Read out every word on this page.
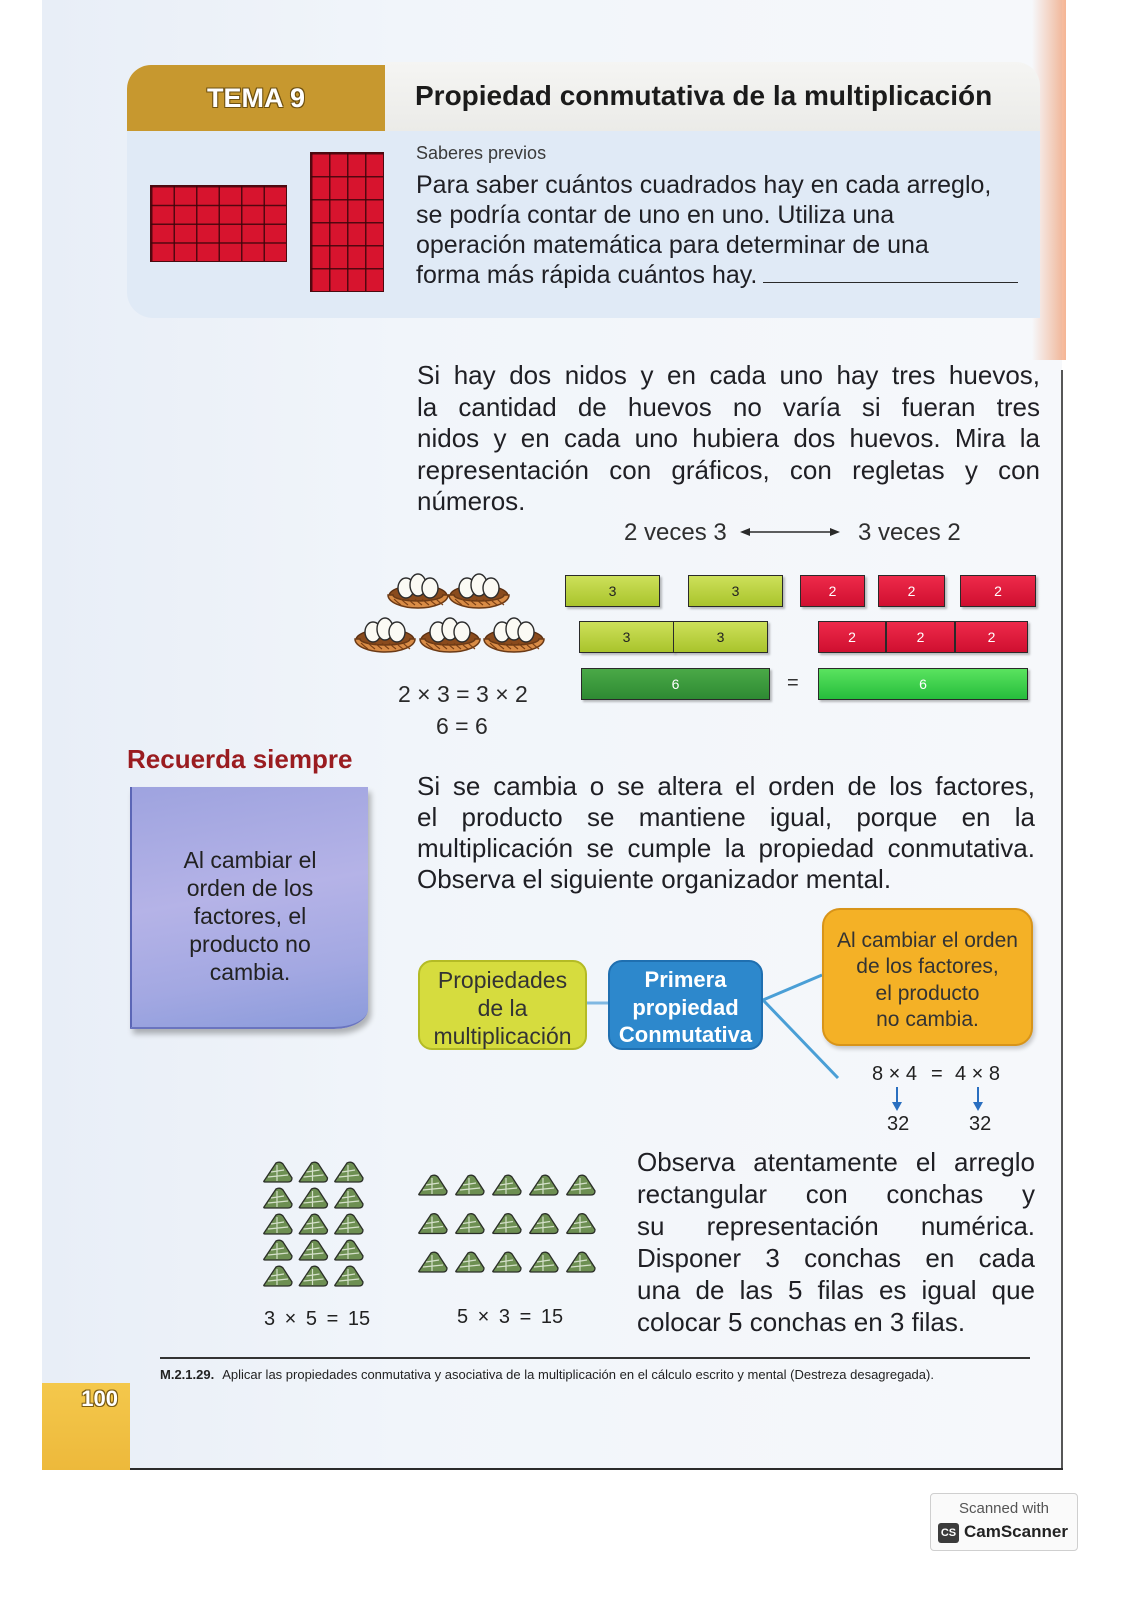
TEMA 9	Propiedad conmutativa de la multiplicación
Saberes previos
Para saber cuántos cuadrados hay en cada arreglo,
se podría contar de uno en uno. Utiliza una
operación matemática para determinar de una
forma más rápida cuántos hay.
Si hay dos nidos y en cada uno hay tres huevos,
la cantidad de huevos no varía si fueran tres
nidos y en cada uno hubiera dos huevos. Mira la
representación con gráficos, con regletas y con
números.
2 veces 3	3 veces 2
2 × 3 = 3 × 2
6 = 6
3	3	2	2	2
3	3	2	2	2
6	=	6
Recuerda siempre
Al cambiar el
orden de los
factores, el
producto no
cambia.
Si se cambia o se altera el orden de los factores,
el producto se mantiene igual, porque en la
multiplicación se cumple la propiedad conmutativa.
Observa el siguiente organizador mental.
Propiedades
de la
multiplicación
Primera
propiedad
Conmutativa
Al cambiar el orden
de los factores,
el producto
no cambia.
8 × 4 = 4 × 8
32	32
3 × 5 = 15	5 × 3 = 15
Observa atentamente el arreglo
rectangular con conchas y
su representación numérica.
Disponer 3 conchas en cada
una de las 5 filas es igual que
colocar 5 conchas en 3 filas.
M.2.1.29. Aplicar las propiedades conmutativa y asociativa de la multiplicación en el cálculo escrito y mental (Destreza desagregada).
100
Scanned with
CS CamScanner
